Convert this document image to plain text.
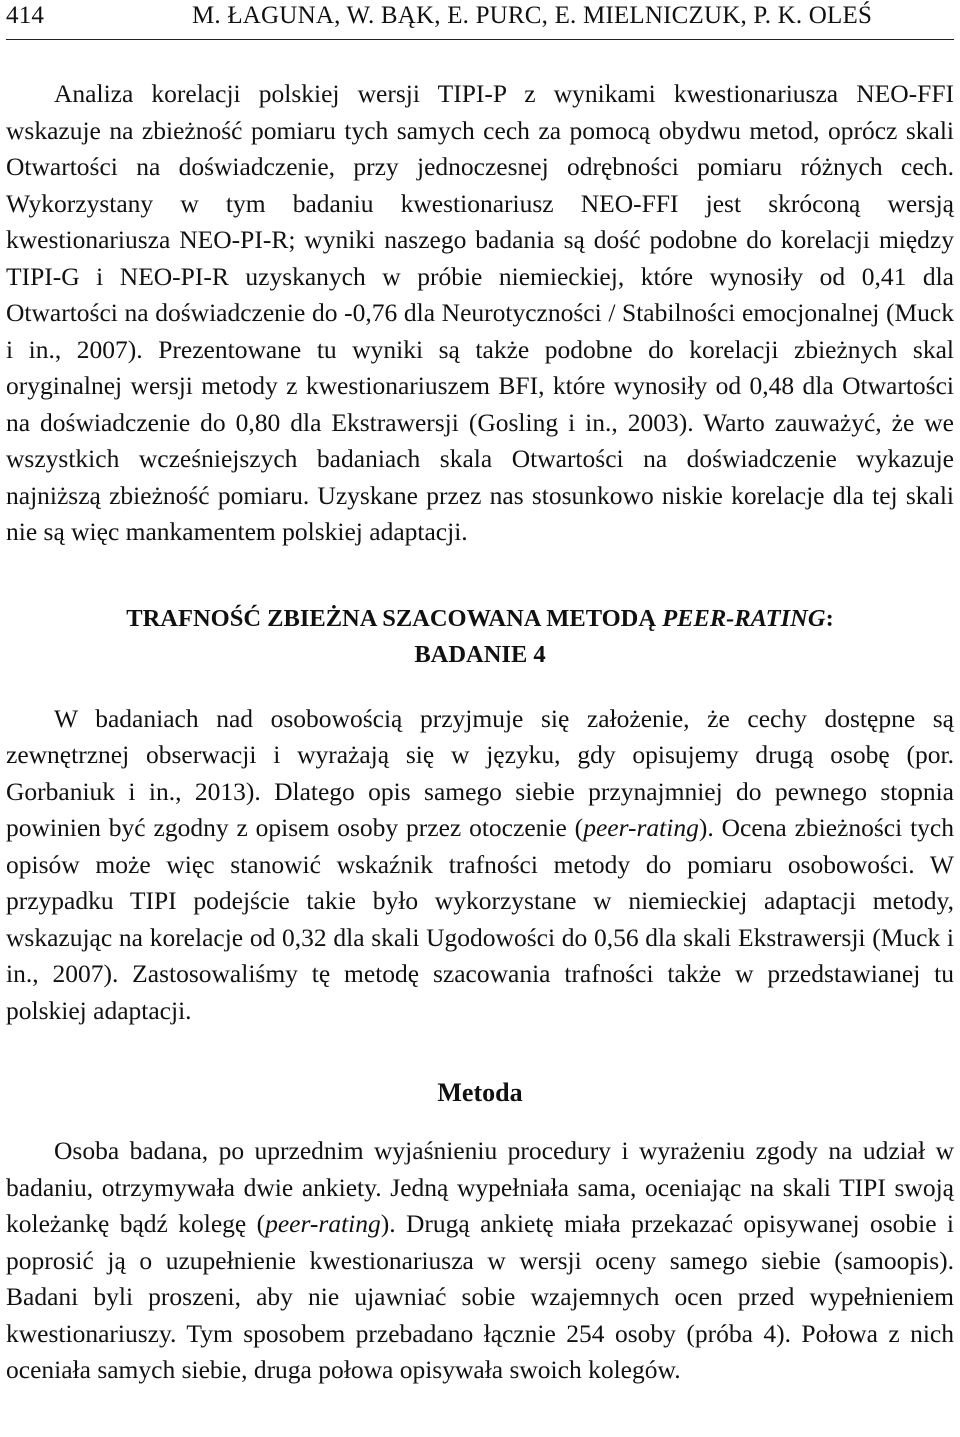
414	M. ŁAGUNA, W. BĄK, E. PURC, E. MIELNICZUK, P. K. OLEŚ

Analiza korelacji polskiej wersji TIPI-P z wynikami kwestionariusza NEO-FFI wskazuje na zbieżność pomiaru tych samych cech za pomocą obydwu metod, oprócz skali Otwartości na doświadczenie, przy jednoczesnej odrębności pomiaru różnych cech. Wykorzystany w tym badaniu kwestionariusz NEO-FFI jest skróconą wersją kwestionariusza NEO-PI-R; wyniki naszego badania są dość podobne do korelacji między TIPI-G i NEO-PI-R uzyskanych w próbie niemieckiej, które wynosiły od 0,41 dla Otwartości na doświadczenie do -0,76 dla Neurotyczności / Stabilności emocjonalnej (Muck i in., 2007). Prezentowane tu wyniki są także podobne do korelacji zbieżnych skal oryginalnej wersji metody z kwestionariuszem BFI, które wynosiły od 0,48 dla Otwartości na doświadczenie do 0,80 dla Ekstrawersji (Gosling i in., 2003). Warto zauważyć, że we wszystkich wcześniejszych badaniach skala Otwartości na doświadczenie wykazuje najniższą zbieżność pomiaru. Uzyskane przez nas stosunkowo niskie korelacje dla tej skali nie są więc mankamentem polskiej adaptacji.

TRAFNOŚĆ ZBIEŻNA SZACOWANA METODĄ PEER-RATING:
BADANIE 4

W badaniach nad osobowością przyjmuje się założenie, że cechy dostępne są zewnętrznej obserwacji i wyrażają się w języku, gdy opisujemy drugą osobę (por. Gorbaniuk i in., 2013). Dlatego opis samego siebie przynajmniej do pewnego stopnia powinien być zgodny z opisem osoby przez otoczenie (peer-rating). Ocena zbieżności tych opisów może więc stanowić wskaźnik trafności metody do pomiaru osobowości. W przypadku TIPI podejście takie było wykorzystane w niemieckiej adaptacji metody, wskazując na korelacje od 0,32 dla skali Ugodowości do 0,56 dla skali Ekstrawersji (Muck i in., 2007). Zastosowaliśmy tę metodę szacowania trafności także w przedstawianej tu polskiej adaptacji.

Metoda

Osoba badana, po uprzednim wyjaśnieniu procedury i wyrażeniu zgody na udział w badaniu, otrzymywała dwie ankiety. Jedną wypełniała sama, oceniając na skali TIPI swoją koleżankę bądź kolegę (peer-rating). Drugą ankietę miała przekazać opisywanej osobie i poprosić ją o uzupełnienie kwestionariusza w wersji oceny samego siebie (samoopis). Badani byli proszeni, aby nie ujawniać sobie wzajemnych ocen przed wypełnieniem kwestionariuszy. Tym sposobem przebadano łącznie 254 osoby (próba 4). Połowa z nich oceniała samych siebie, druga połowa opisywała swoich kolegów.
